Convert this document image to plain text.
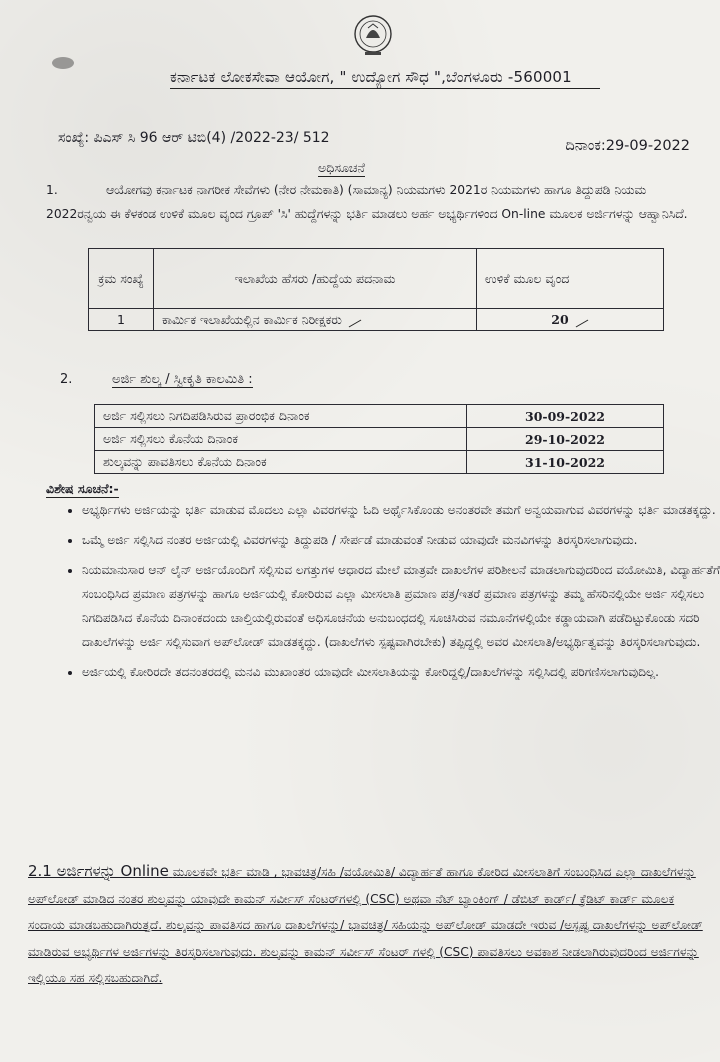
ಕರ್ನಾಟಕ ಲೋಕಸೇವಾ ಆಯೋಗ, " ಉದ್ಯೋಗ ಸೌಧ ",ಬೆಂಗಳೂರು -560001
ಸಂಖ್ಯೆ: ಪಿಎಸ್ ಸಿ 96 ಆರ್ ಟಿಬಿ(4) /2022-23/ 512	ದಿನಾಂಕ:29-09-2022
ಅಧಿಸೂಚನೆ
1.	ಆಯೋಗವು ಕರ್ನಾಟಕ ನಾಗರೀಕ ಸೇವೆಗಳು (ನೇರ ನೇಮಕಾತಿ) (ಸಾಮಾನ್ಯ) ನಿಯಮಗಳು 2021ರ ನಿಯಮಗಳು ಹಾಗೂ ತಿದ್ದುಪಡಿ ನಿಯಮ 2022ರನ್ವಯ ಈ ಕೆಳಕಂಡ ಉಳಿಕೆ ಮೂಲ ವೃಂದ ಗ್ರೂಪ್ 'ಸಿ' ಹುದ್ದೆಗಳನ್ನು ಭರ್ತಿ ಮಾಡಲು ಅರ್ಹ ಅಭ್ಯರ್ಥಿಗಳಿಂದ On-line ಮೂಲಕ ಅರ್ಜಿಗಳನ್ನು ಆಹ್ವಾನಿಸಿದೆ.
ಕ್ರಮ ಸಂಖ್ಯೆ	ಇಲಾಖೆಯ ಹೆಸರು /ಹುದ್ದೆಯ ಪದನಾಮ	ಉಳಿಕೆ ಮೂಲ ವೃಂದ
1	ಕಾರ್ಮಿಕ ಇಲಾಖೆಯಲ್ಲಿನ ಕಾರ್ಮಿಕ ನಿರೀಕ್ಷಕರು	20
2.	ಅರ್ಜಿ ಶುಲ್ಕ / ಸ್ವೀಕೃತಿ ಕಾಲಮಿತಿ :
ಅರ್ಜಿ ಸಲ್ಲಿಸಲು ನಿಗದಿಪಡಿಸಿರುವ ಪ್ರಾರಂಭಿಕ ದಿನಾಂಕ	30-09-2022
ಅರ್ಜಿ ಸಲ್ಲಿಸಲು ಕೊನೆಯ ದಿನಾಂಕ	29-10-2022
ಶುಲ್ಕವನ್ನು ಪಾವತಿಸಲು ಕೊನೆಯ ದಿನಾಂಕ	31-10-2022
ವಿಶೇಷ ಸೂಚನೆ:-
• ಅಭ್ಯರ್ಥಿಗಳು ಅರ್ಜಿಯನ್ನು ಭರ್ತಿ ಮಾಡುವ ಮೊದಲು ಎಲ್ಲಾ ವಿವರಗಳನ್ನು ಓದಿ ಅರ್ಥೈಸಿಕೊಂಡು ಅನಂತರವೇ ತಮಗೆ ಅನ್ವಯವಾಗುವ ವಿವರಗಳನ್ನು ಭರ್ತಿ ಮಾಡತಕ್ಕದ್ದು.
• ಒಮ್ಮೆ ಅರ್ಜಿ ಸಲ್ಲಿಸಿದ ನಂತರ ಅರ್ಜಿಯಲ್ಲಿ ವಿವರಗಳನ್ನು ತಿದ್ದುಪಡಿ / ಸೇರ್ಪಡೆ ಮಾಡುವಂತೆ ನೀಡುವ ಯಾವುದೇ ಮನವಿಗಳನ್ನು ತಿರಸ್ಕರಿಸಲಾಗುವುದು.
• ನಿಯಮಾನುಸಾರ ಆನ್ ಲೈನ್ ಅರ್ಜಿಯೊಂದಿಗೆ ಸಲ್ಲಿಸುವ ಲಗತ್ತುಗಳ ಆಧಾರದ ಮೇಲೆ ಮಾತ್ರವೇ ದಾಖಲೆಗಳ ಪರಿಶೀಲನೆ ಮಾಡಲಾಗುವುದರಿಂದ ವಯೋಮಿತಿ, ವಿದ್ಯಾರ್ಹತೆಗೆ ಸಂಬಂಧಿಸಿದ ಪ್ರಮಾಣ ಪತ್ರಗಳನ್ನು ಹಾಗೂ ಅರ್ಜಿಯಲ್ಲಿ ಕೋರಿರುವ ಎಲ್ಲಾ ಮೀಸಲಾತಿ ಪ್ರಮಾಣ ಪತ್ರ/ಇತರೆ ಪ್ರಮಾಣ ಪತ್ರಗಳನ್ನು ತಮ್ಮ ಹೆಸರಿನಲ್ಲಿಯೇ ಅರ್ಜಿ ಸಲ್ಲಿಸಲು ನಿಗದಿಪಡಿಸಿದ ಕೊನೆಯ ದಿನಾಂಕದಂದು ಚಾಲ್ತಿಯಲ್ಲಿರುವಂತೆ ಅಧಿಸೂಚನೆಯ ಅನುಬಂಧದಲ್ಲಿ ಸೂಚಿಸಿರುವ ನಮೂನೆಗಳಲ್ಲಿಯೇ ಕಡ್ಡಾಯವಾಗಿ ಪಡೆದಿಟ್ಟುಕೊಂಡು ಸದರಿ ದಾಖಲೆಗಳನ್ನು ಅರ್ಜಿ ಸಲ್ಲಿಸುವಾಗ ಅಪ್‌ಲೋಡ್ ಮಾಡತಕ್ಕದ್ದು. (ದಾಖಲೆಗಳು ಸ್ಪಷ್ಟವಾಗಿರಬೇಕು) ತಪ್ಪಿದ್ದಲ್ಲಿ ಅವರ ಮೀಸಲಾತಿ/ಅಭ್ಯರ್ಥಿತ್ವವನ್ನು ತಿರಸ್ಕರಿಸಲಾಗುವುದು.
• ಅರ್ಜಿಯಲ್ಲಿ ಕೋರಿರದೇ ತದನಂತರದಲ್ಲಿ ಮನವಿ ಮುಖಾಂತರ ಯಾವುದೇ ಮೀಸಲಾತಿಯನ್ನು ಕೋರಿದ್ದಲ್ಲಿ/ದಾಖಲೆಗಳನ್ನು ಸಲ್ಲಿಸಿದಲ್ಲಿ ಪರಿಗಣಿಸಲಾಗುವುದಿಲ್ಲ.
2.1 ಅರ್ಜಿಗಳನ್ನು Online ಮೂಲಕವೇ ಭರ್ತಿ ಮಾಡಿ , ಭಾವಚಿತ್ರ/ಸಹಿ /ವಯೋಮಿತಿ/ ವಿದ್ಯಾರ್ಹತೆ ಹಾಗೂ ಕೋರಿದ ಮೀಸಲಾತಿಗೆ ಸಂಬಂಧಿಸಿದ ಎಲ್ಲಾ ದಾಖಲೆಗಳನ್ನು ಅಪ್‌ಲೋಡ್ ಮಾಡಿದ ನಂತರ ಶುಲ್ಕವನ್ನು ಯಾವುದೇ ಕಾಮನ್ ಸರ್ವೀಸ್ ಸೆಂಟರ್‌ಗಳಲ್ಲಿ (CSC) ಅಥವಾ ನೆಟ್ ಬ್ಯಾಂಕಿಂಗ್ / ಡೆಬಿಟ್ ಕಾರ್ಡ್/ ಕ್ರೆಡಿಟ್ ಕಾರ್ಡ್ ಮೂಲಕ ಸಂದಾಯ ಮಾಡಬಹುದಾಗಿರುತ್ತದೆ. ಶುಲ್ಕವನ್ನು ಪಾವತಿಸದ ಹಾಗೂ ದಾಖಲೆಗಳನ್ನು/ ಭಾವಚಿತ್ರ/ ಸಹಿಯನ್ನು ಅಪ್‌ಲೋಡ್ ಮಾಡದೇ ಇರುವ /ಅಸ್ಪಷ್ಟ ದಾಖಲೆಗಳನ್ನು ಅಪ್‌ಲೋಡ್ ಮಾಡಿರುವ ಅಭ್ಯರ್ಥಿಗಳ ಅರ್ಜಿಗಳನ್ನು ತಿರಸ್ಕರಿಸಲಾಗುವುದು. ಶುಲ್ಕವನ್ನು ಕಾಮನ್ ಸರ್ವೀಸ್ ಸೆಂಟರ್ ಗಳಲ್ಲಿ (CSC) ಪಾವತಿಸಲು ಅವಕಾಶ ನೀಡಲಾಗಿರುವುದರಿಂದ ಅರ್ಜಿಗಳನ್ನು ಇಲ್ಲಿಯೂ ಸಹ ಸಲ್ಲಿಸಬಹುದಾಗಿದೆ.
